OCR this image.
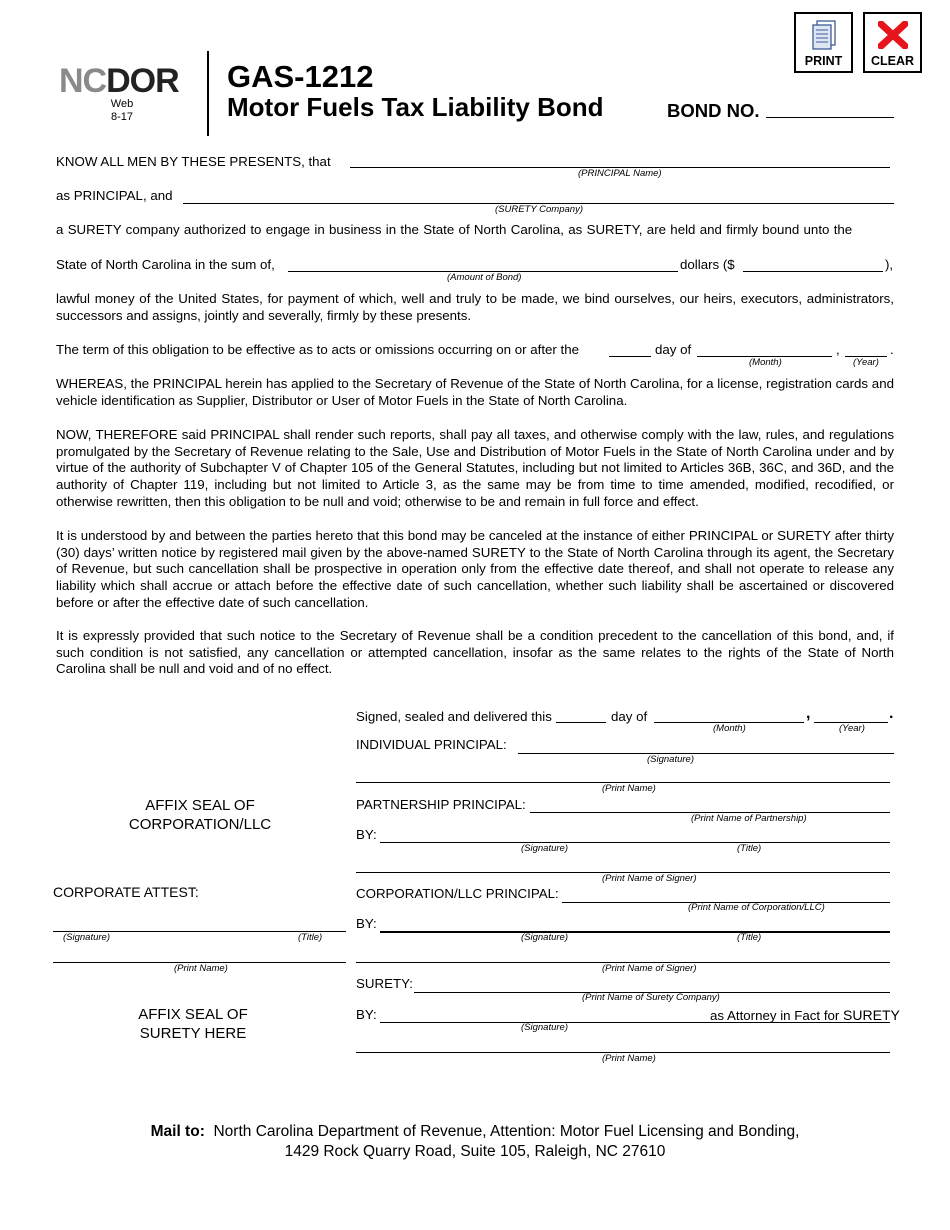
PRINT	CLEAR
NCDOR
Web
8-17
GAS-1212
Motor Fuels Tax Liability Bond	BOND NO.
KNOW ALL MEN BY THESE PRESENTS, that
(PRINCIPAL Name)
as PRINCIPAL, and
(SURETY Company)
a SURETY company authorized to engage in business in the State of North Carolina, as SURETY, are held and firmly bound unto the
State of North Carolina in the sum of,
(Amount of Bond)
dollars ($	),
lawful money of the United States, for payment of which, well and truly to be made, we bind ourselves, our heirs, executors, administrators, successors and assigns, jointly and severally, firmly by these presents.
The term of this obligation to be effective as to acts or omissions occurring on or after the	day of
(Month)
,
(Year)
.
WHEREAS, the PRINCIPAL herein has applied to the Secretary of Revenue of the State of North Carolina, for a license, registration cards and vehicle identification as Supplier, Distributor or User of Motor Fuels in the State of North Carolina.
NOW, THEREFORE said PRINCIPAL shall render such reports, shall pay all taxes, and otherwise comply with the law, rules, and regulations promulgated by the Secretary of Revenue relating to the Sale, Use and Distribution of Motor Fuels in the State of North Carolina under and by virtue of the authority of Subchapter V of Chapter 105 of the General Statutes, including but not limited to Articles 36B, 36C, and 36D, and the authority of Chapter 119, including but not limited to Article 3, as the same may be from time to time amended, modified, recodified, or otherwise rewritten, then this obligation to be null and void; otherwise to be and remain in full force and effect.
It is understood by and between the parties hereto that this bond may be canceled at the instance of either PRINCIPAL or SURETY after thirty (30) days’ written notice by registered mail given by the above-named SURETY to the State of North Carolina through its agent, the Secretary of Revenue, but such cancellation shall be prospective in operation only from the effective date thereof, and shall not operate to release any liability which shall accrue or attach before the effective date of such cancellation, whether such liability shall be ascertained or discovered before or after the effective date of such cancellation.
It is expressly provided that such notice to the Secretary of Revenue shall be a condition precedent to the cancellation of this bond, and, if such condition is not satisfied, any cancellation or attempted cancellation, insofar as the same relates to the rights of the State of North Carolina shall be null and void and of no effect.
Signed, sealed and delivered this	day of
(Month)
,
(Year)
.
INDIVIDUAL PRINCIPAL:
(Signature)
(Print Name)
PARTNERSHIP PRINCIPAL:
(Print Name of Partnership)
BY:
(Signature)	(Title)
(Print Name of Signer)
CORPORATION/LLC PRINCIPAL:
(Print Name of Corporation/LLC)
BY:
(Signature)	(Title)
(Print Name of Signer)
SURETY:
(Print Name of Surety Company)
BY:
(Signature)
as Attorney in Fact for SURETY
(Print Name)
AFFIX SEAL OF
CORPORATION/LLC
CORPORATE ATTEST:
(Signature)	(Title)
(Print Name)
AFFIX SEAL OF
SURETY HERE
Mail to: North Carolina Department of Revenue, Attention: Motor Fuel Licensing and Bonding,
1429 Rock Quarry Road, Suite 105, Raleigh, NC 27610
